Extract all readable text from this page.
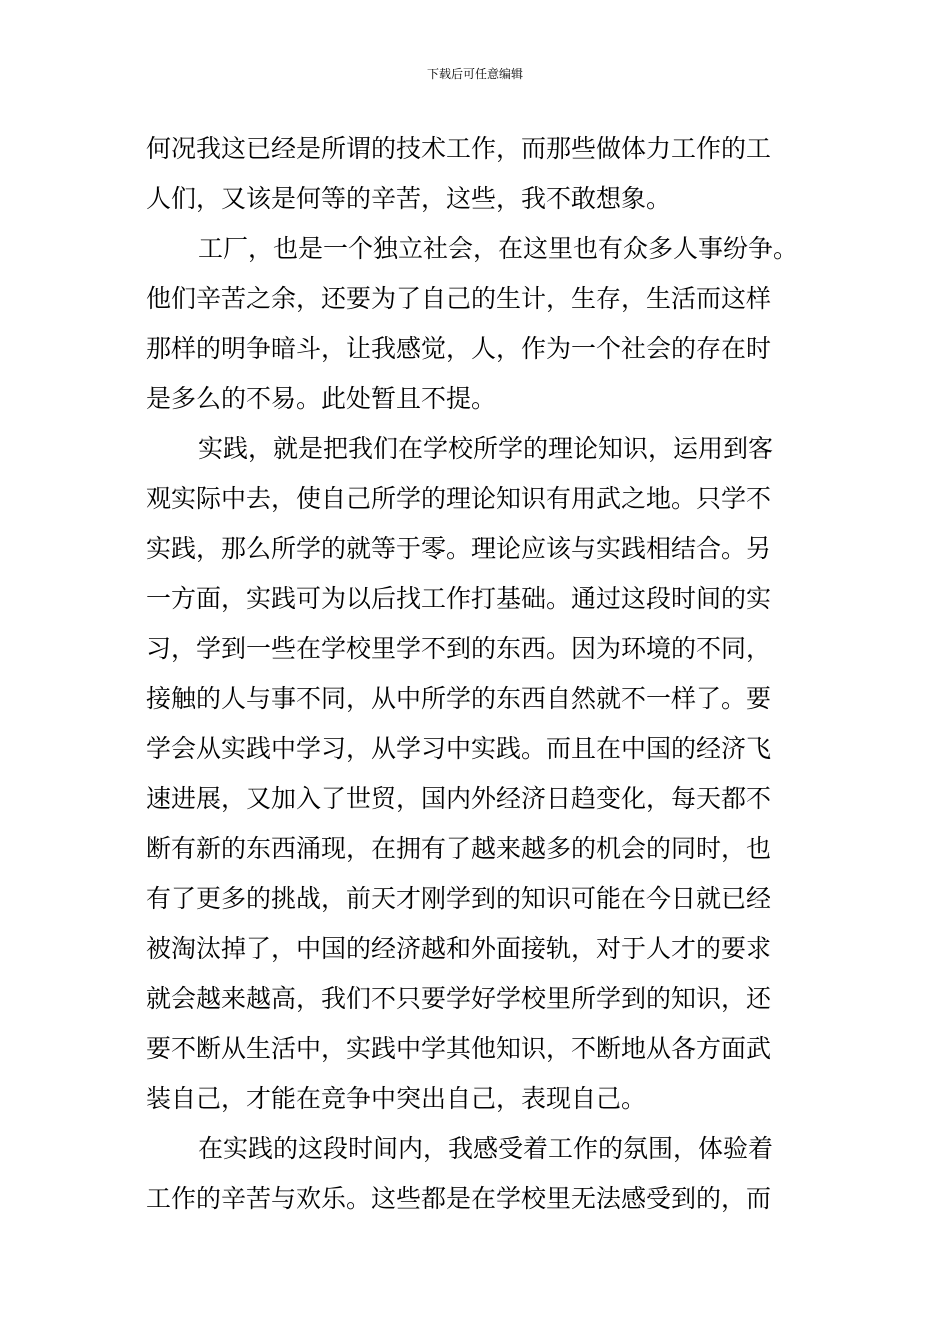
下载后可任意编辑
何况我这已经是所谓的技术工作，而那些做体力工作的工
人们，又该是何等的辛苦，这些，我不敢想象。
工厂，也是一个独立社会，在这里也有众多人事纷争。
他们辛苦之余，还要为了自己的生计，生存，生活而这样
那样的明争暗斗，让我感觉，人，作为一个社会的存在时
是多么的不易。此处暂且不提。
实践，就是把我们在学校所学的理论知识，运用到客
观实际中去，使自己所学的理论知识有用武之地。只学不
实践，那么所学的就等于零。理论应该与实践相结合。另
一方面，实践可为以后找工作打基础。通过这段时间的实
习，学到一些在学校里学不到的东西。因为环境的不同，
接触的人与事不同，从中所学的东西自然就不一样了。要
学会从实践中学习，从学习中实践。而且在中国的经济飞
速进展，又加入了世贸，国内外经济日趋变化，每天都不
断有新的东西涌现，在拥有了越来越多的机会的同时，也
有了更多的挑战，前天才刚学到的知识可能在今日就已经
被淘汰掉了，中国的经济越和外面接轨，对于人才的要求
就会越来越高，我们不只要学好学校里所学到的知识，还
要不断从生活中，实践中学其他知识，不断地从各方面武
装自己，才能在竞争中突出自己，表现自己。
在实践的这段时间内，我感受着工作的氛围，体验着
工作的辛苦与欢乐。这些都是在学校里无法感受到的，而
